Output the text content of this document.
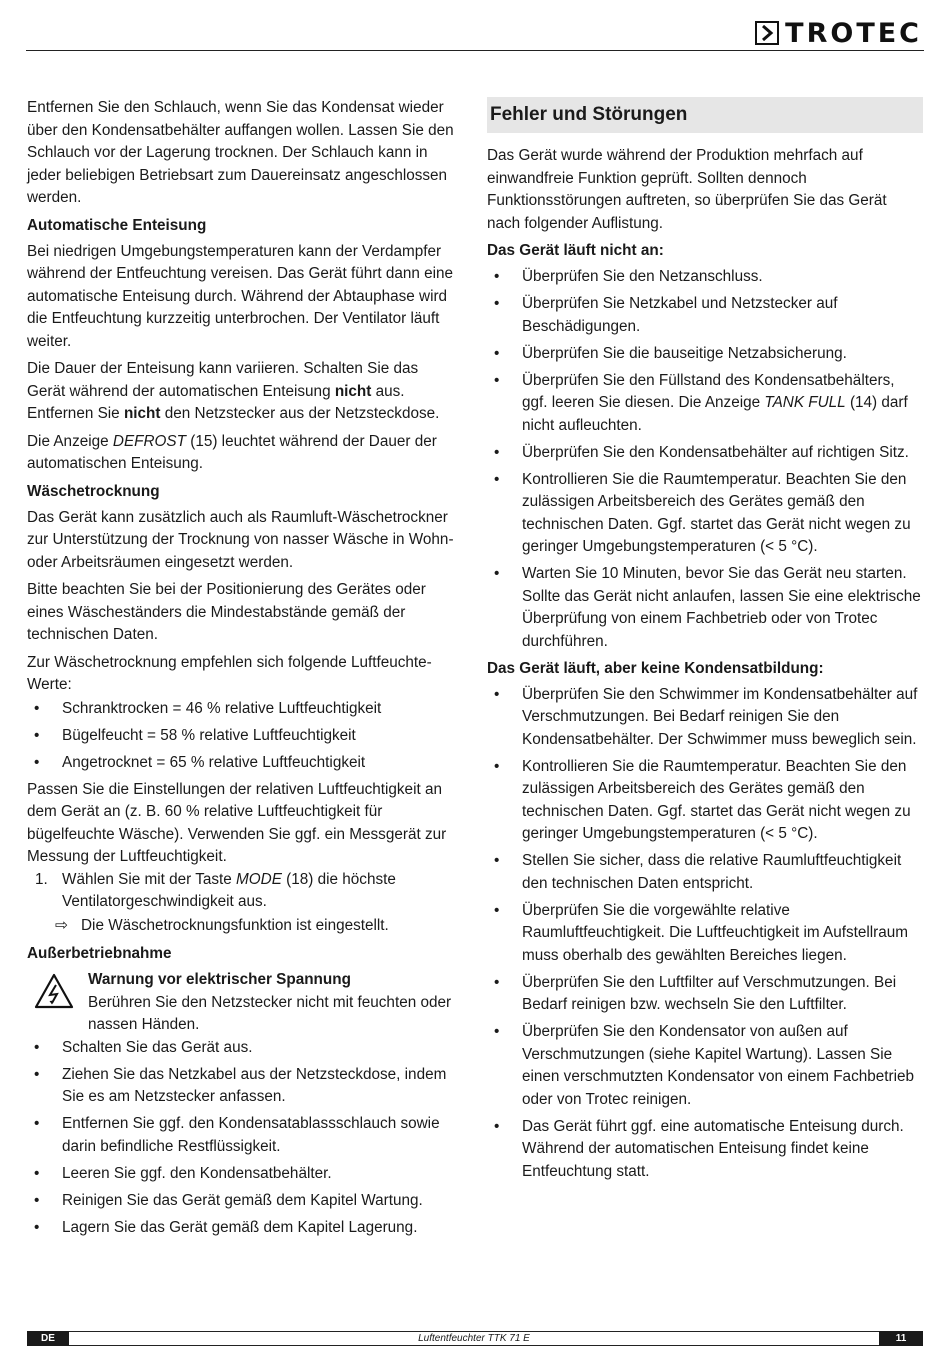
TROTEC

Entfernen Sie den Schlauch, wenn Sie das Kondensat wieder über den Kondensatbehälter auffangen wollen. Lassen Sie den Schlauch vor der Lagerung trocknen. Der Schlauch kann in jeder beliebigen Betriebsart zum Dauereinsatz angeschlossen werden.

Automatische Enteisung

Bei niedrigen Umgebungstemperaturen kann der Verdampfer während der Entfeuchtung vereisen. Das Gerät führt dann eine automatische Enteisung durch. Während der Abtauphase wird die Entfeuchtung kurzzeitig unterbrochen. Der Ventilator läuft weiter.

Die Dauer der Enteisung kann variieren. Schalten Sie das Gerät während der automatischen Enteisung nicht aus. Entfernen Sie nicht den Netzstecker aus der Netzsteckdose.

Die Anzeige DEFROST (15) leuchtet während der Dauer der automatischen Enteisung.

Wäschetrocknung

Das Gerät kann zusätzlich auch als Raumluft-Wäschetrockner zur Unterstützung der Trocknung von nasser Wäsche in Wohn- oder Arbeitsräumen eingesetzt werden.

Bitte beachten Sie bei der Positionierung des Gerätes oder eines Wäscheständers die Mindestabstände gemäß der technischen Daten.

Zur Wäschetrocknung empfehlen sich folgende Luftfeuchte-Werte:

• Schranktrocken = 46 % relative Luftfeuchtigkeit
• Bügelfeucht = 58 % relative Luftfeuchtigkeit
• Angetrocknet = 65 % relative Luftfeuchtigkeit

Passen Sie die Einstellungen der relativen Luftfeuchtigkeit an dem Gerät an (z. B. 60 % relative Luftfeuchtigkeit für bügelfeuchte Wäsche). Verwenden Sie ggf. ein Messgerät zur Messung der Luftfeuchtigkeit.

1. Wählen Sie mit der Taste MODE (18) die höchste Ventilatorgeschwindigkeit aus.
⇨ Die Wäschetrocknungsfunktion ist eingestellt.
Außerbetriebnahme
Warnung vor elektrischer Spannung

Berühren Sie den Netzstecker nicht mit feuchten oder nassen Händen.

• Schalten Sie das Gerät aus.
• Ziehen Sie das Netzkabel aus der Netzsteckdose, indem Sie es am Netzstecker anfassen.
• Entfernen Sie ggf. den Kondensatablassschlauch sowie darin befindliche Restflüssigkeit.
• Leeren Sie ggf. den Kondensatbehälter.
• Reinigen Sie das Gerät gemäß dem Kapitel Wartung.
• Lagern Sie das Gerät gemäß dem Kapitel Lagerung.
Fehler und Störungen

Das Gerät wurde während der Produktion mehrfach auf einwandfreie Funktion geprüft. Sollten dennoch Funktionsstörungen auftreten, so überprüfen Sie das Gerät nach folgender Auflistung.

Das Gerät läuft nicht an:
• Überprüfen Sie den Netzanschluss.
• Überprüfen Sie Netzkabel und Netzstecker auf Beschädigungen.
• Überprüfen Sie die bauseitige Netzabsicherung.
• Überprüfen Sie den Füllstand des Kondensatbehälters, ggf. leeren Sie diesen. Die Anzeige TANK FULL (14) darf nicht aufleuchten.
• Überprüfen Sie den Kondensatbehälter auf richtigen Sitz.
• Kontrollieren Sie die Raumtemperatur. Beachten Sie den zulässigen Arbeitsbereich des Gerätes gemäß den technischen Daten. Ggf. startet das Gerät nicht wegen zu geringer Umgebungstemperaturen (< 5 °C).
• Warten Sie 10 Minuten, bevor Sie das Gerät neu starten. Sollte das Gerät nicht anlaufen, lassen Sie eine elektrische Überprüfung von einem Fachbetrieb oder von Trotec durchführen.
Das Gerät läuft, aber keine Kondensatbildung:
• Überprüfen Sie den Schwimmer im Kondensatbehälter auf Verschmutzungen. Bei Bedarf reinigen Sie den Kondensatbehälter. Der Schwimmer muss beweglich sein.
• Kontrollieren Sie die Raumtemperatur. Beachten Sie den zulässigen Arbeitsbereich des Gerätes gemäß den technischen Daten. Ggf. startet das Gerät nicht wegen zu geringer Umgebungstemperaturen (< 5 °C).
• Stellen Sie sicher, dass die relative Raumluftfeuchtigkeit den technischen Daten entspricht.
• Überprüfen Sie die vorgewählte relative Raumluftfeuchtigkeit. Die Luftfeuchtigkeit im Aufstellraum muss oberhalb des gewählten Bereiches liegen.
• Überprüfen Sie den Luftfilter auf Verschmutzungen. Bei Bedarf reinigen bzw. wechseln Sie den Luftfilter.
• Überprüfen Sie den Kondensator von außen auf Verschmutzungen (siehe Kapitel Wartung). Lassen Sie einen verschmutzten Kondensator von einem Fachbetrieb oder von Trotec reinigen.
• Das Gerät führt ggf. eine automatische Enteisung durch. Während der automatischen Enteisung findet keine Entfeuchtung statt.
DE	Luftentfeuchter TTK 71 E	11
